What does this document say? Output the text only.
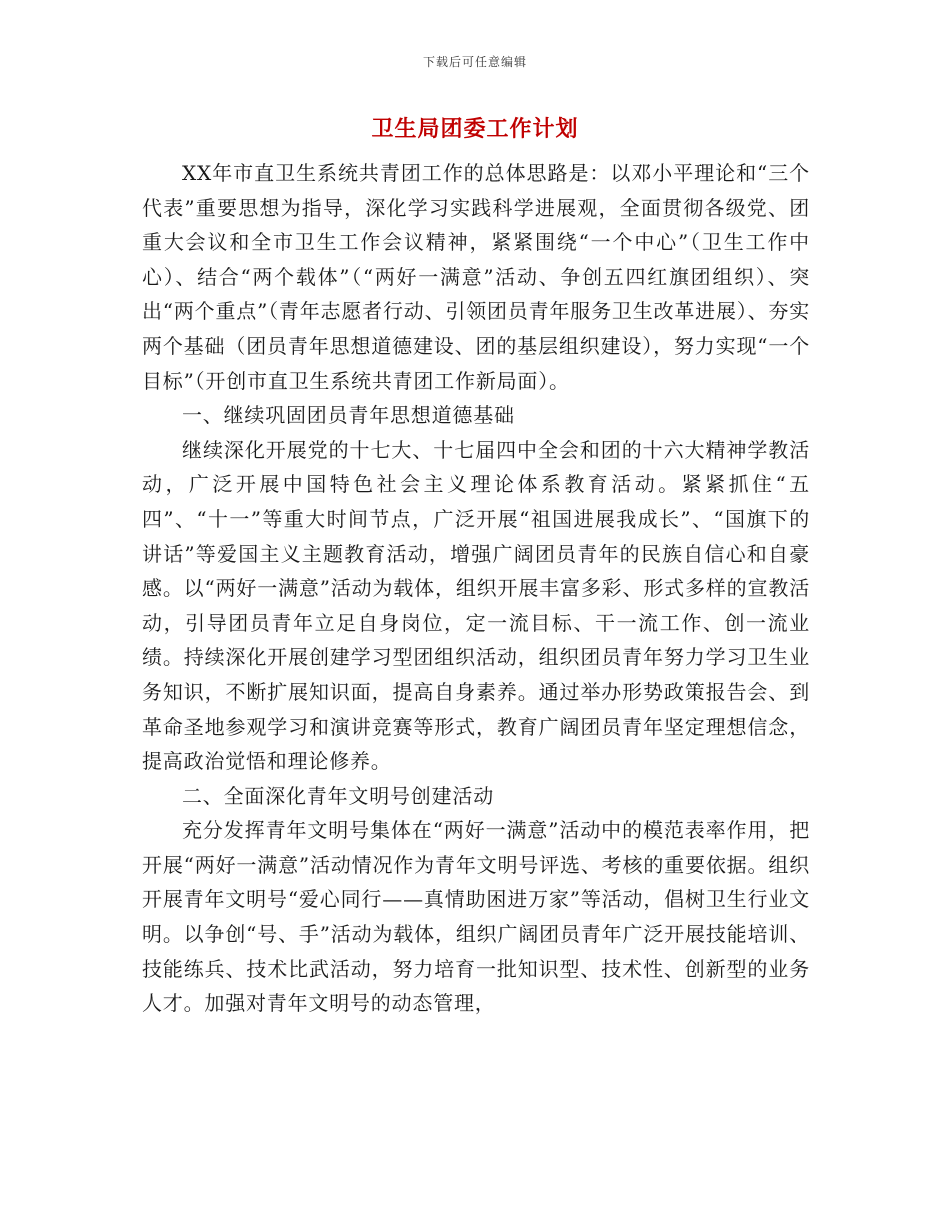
下载后可任意编辑
卫生局团委工作计划

XX年市直卫生系统共青团工作的总体思路是：以邓小平理论和“三个代表”重要思想为指导，深化学习实践科学进展观，全面贯彻各级党、团重大会议和全市卫生工作会议精神，紧紧围绕“一个中心”（卫生工作中心）、结合“两个载体”（“两好一满意”活动、争创五四红旗团组织）、突出“两个重点”（青年志愿者行动、引领团员青年服务卫生改革进展）、夯实两个基础（团员青年思想道德建设、团的基层组织建设），努力实现“一个目标”（开创市直卫生系统共青团工作新局面）。

一、继续巩固团员青年思想道德基础

继续深化开展党的十七大、十七届四中全会和团的十六大精神学教活动，广泛开展中国特色社会主义理论体系教育活动。紧紧抓住“五四”、“十一”等重大时间节点，广泛开展“祖国进展我成长”、“国旗下的讲话”等爱国主义主题教育活动，增强广阔团员青年的民族自信心和自豪感。以“两好一满意”活动为载体，组织开展丰富多彩、形式多样的宣教活动，引导团员青年立足自身岗位，定一流目标、干一流工作、创一流业绩。持续深化开展创建学习型团组织活动，组织团员青年努力学习卫生业务知识，不断扩展知识面，提高自身素养。通过举办形势政策报告会、到革命圣地参观学习和演讲竞赛等形式，教育广阔团员青年坚定理想信念，提高政治觉悟和理论修养。

二、全面深化青年文明号创建活动

充分发挥青年文明号集体在“两好一满意”活动中的模范表率作用，把开展“两好一满意”活动情况作为青年文明号评选、考核的重要依据。组织开展青年文明号“爱心同行——真情助困进万家”等活动，倡树卫生行业文明。以争创“号、手”活动为载体，组织广阔团员青年广泛开展技能培训、技能练兵、技术比武活动，努力培育一批知识型、技术性、创新型的业务人才。加强对青年文明号的动态管理，
